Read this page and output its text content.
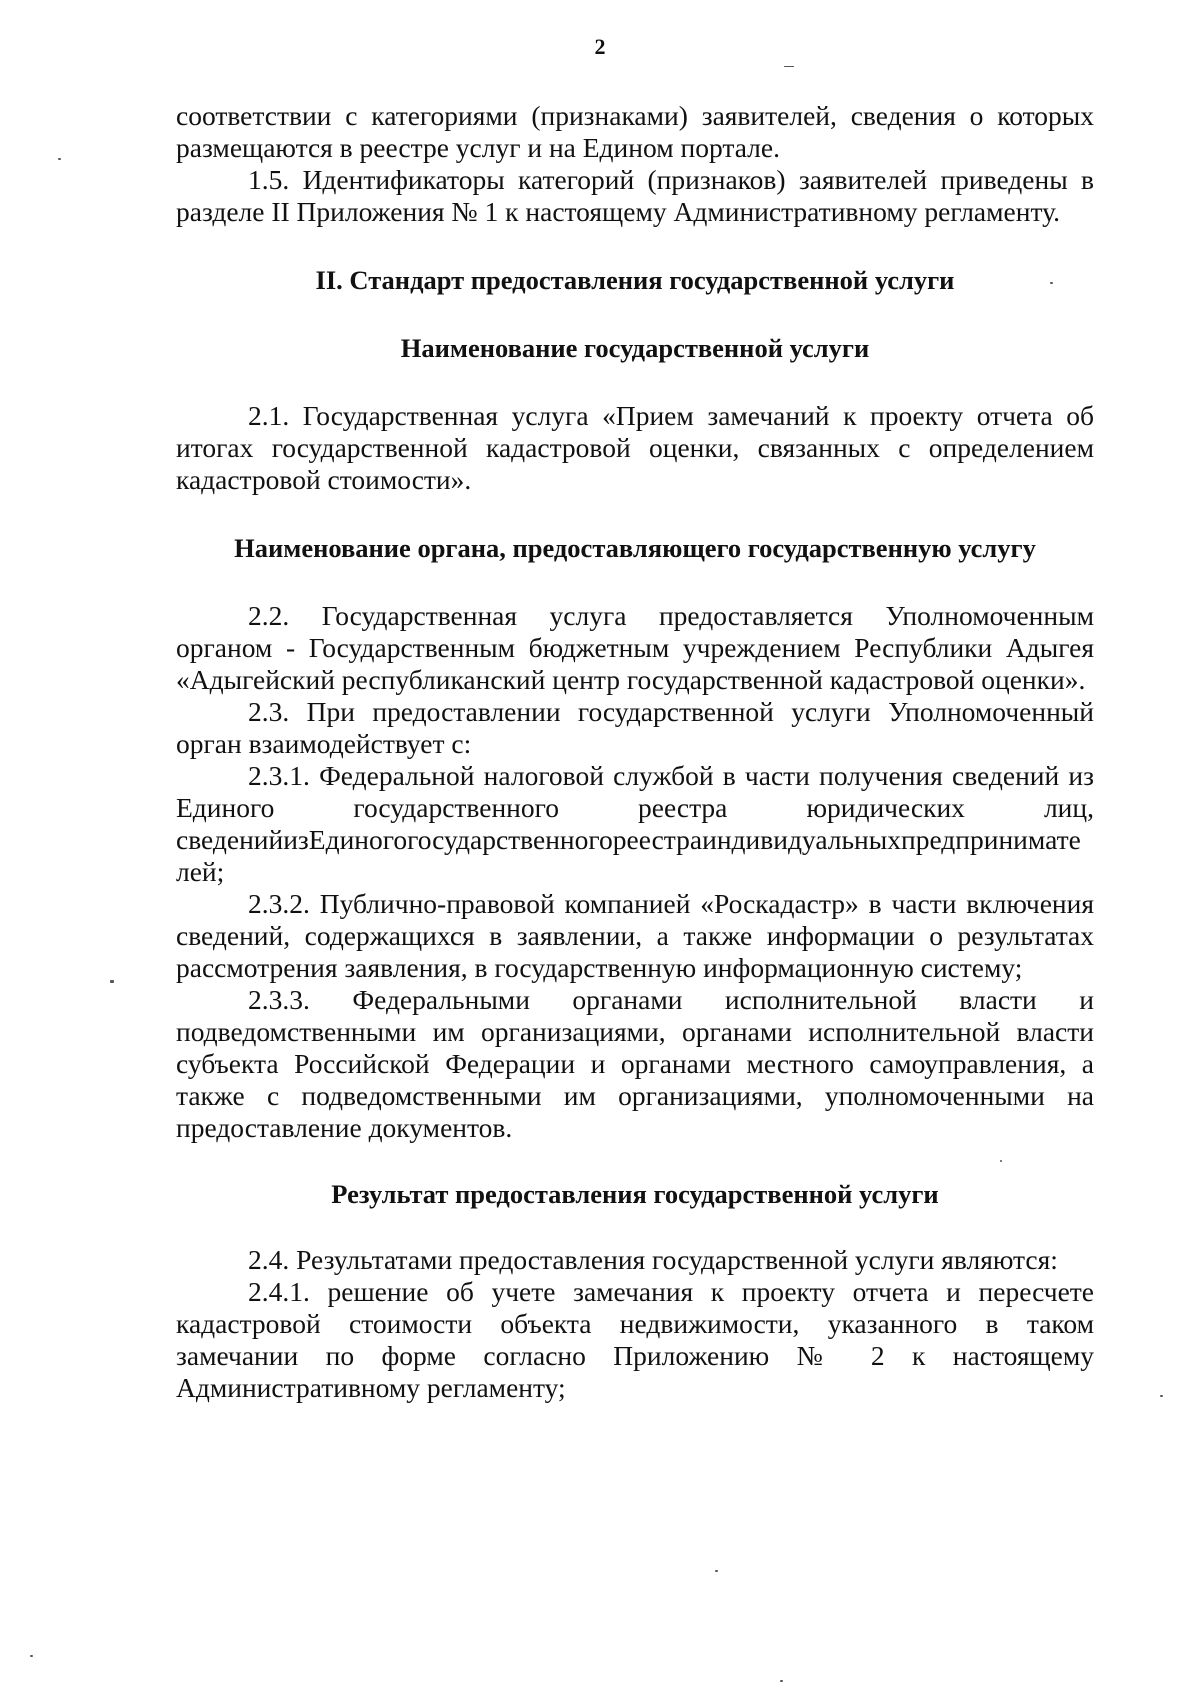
2

соответствии с категориями (признаками) заявителей, сведения о которых размещаются в реестре услуг и на Едином портале.

1.5. Идентификаторы категорий (признаков) заявителей приведены в разделе II Приложения № 1 к настоящему Административному регламенту.

II. Стандарт предоставления государственной услуги

Наименование государственной услуги

2.1. Государственная услуга «Прием замечаний к проекту отчета об итогах государственной кадастровой оценки, связанных с определением кадастровой стоимости».

Наименование органа, предоставляющего государственную услугу

2.2. Государственная услуга предоставляется Уполномоченным органом - Государственным бюджетным учреждением Республики Адыгея «Адыгейский республиканский центр государственной кадастровой оценки».

2.3. При предоставлении государственной услуги Уполномоченный орган взаимодействует с:

2.3.1. Федеральной налоговой службой в части получения сведений из Единого государственного реестра юридических лиц,

сведенийизЕдиногогосударственногореестраиндивидуальныхпредпринимателей;

2.3.2. Публично-правовой компанией «Роскадастр» в части включения сведений, содержащихся в заявлении, а также информации о результатах рассмотрения заявления, в государственную информационную систему;

2.3.3. Федеральными органами исполнительной власти и подведомственными им организациями, органами исполнительной власти субъекта Российской Федерации и органами местного самоуправления, а также с подведомственными им организациями, уполномоченными на предоставление документов.

Результат предоставления государственной услуги

2.4. Результатами предоставления государственной услуги являются:

2.4.1. решение об учете замечания к проекту отчета и пересчете кадастровой стоимости объекта недвижимости, указанного в таком замечании по форме согласно Приложению № 2 к настоящему Административному регламенту;
